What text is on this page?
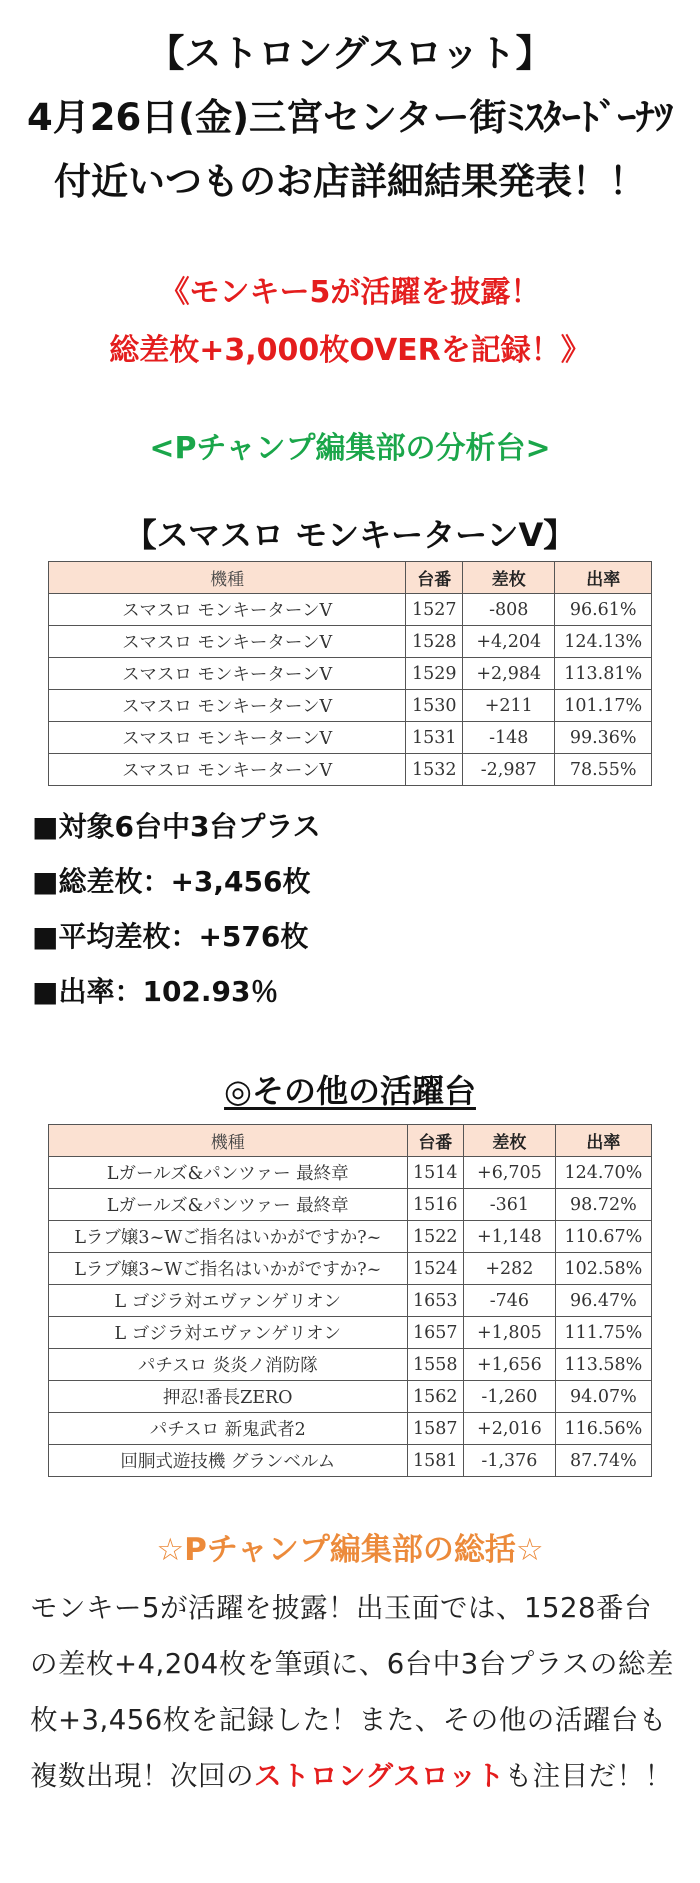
【ストロングスロット】
4月26日(金)三宮センター街ﾐｽﾀｰﾄﾞｰﾅﾂ
付近いつものお店詳細結果発表！！
《モンキー5が活躍を披露！
総差枚+3,000枚OVERを記録！》
<Pチャンプ編集部の分析台>
【スマスロ モンキーターンV】
機種	台番	差枚	出率
スマスロ モンキーターンV	1527	-808	96.61%
スマスロ モンキーターンV	1528	+4,204	124.13%
スマスロ モンキーターンV	1529	+2,984	113.81%
スマスロ モンキーターンV	1530	+211	101.17%
スマスロ モンキーターンV	1531	-148	99.36%
スマスロ モンキーターンV	1532	-2,987	78.55%
■対象6台中3台プラス
■総差枚：+3,456枚
■平均差枚：+576枚
■出率：102.93％
◎その他の活躍台
機種	台番	差枚	出率
Lガールズ&パンツァー 最終章	1514	+6,705	124.70%
Lガールズ&パンツァー 最終章	1516	-361	98.72%
Lラブ嬢3~Wご指名はいかがですか?~	1522	+1,148	110.67%
Lラブ嬢3~Wご指名はいかがですか?~	1524	+282	102.58%
L ゴジラ対エヴァンゲリオン	1653	-746	96.47%
L ゴジラ対エヴァンゲリオン	1657	+1,805	111.75%
パチスロ 炎炎ノ消防隊	1558	+1,656	113.58%
押忍!番長ZERO	1562	-1,260	94.07%
パチスロ 新鬼武者2	1587	+2,016	116.56%
回胴式遊技機 グランベルム	1581	-1,376	87.74%
☆Pチャンプ編集部の総括☆
モンキー5が活躍を披露！出玉面では、1528番台の差枚+4,204枚を筆頭に、6台中3台プラスの総差枚+3,456枚を記録した！また、その他の活躍台も複数出現！次回のストロングスロットも注目だ！！
